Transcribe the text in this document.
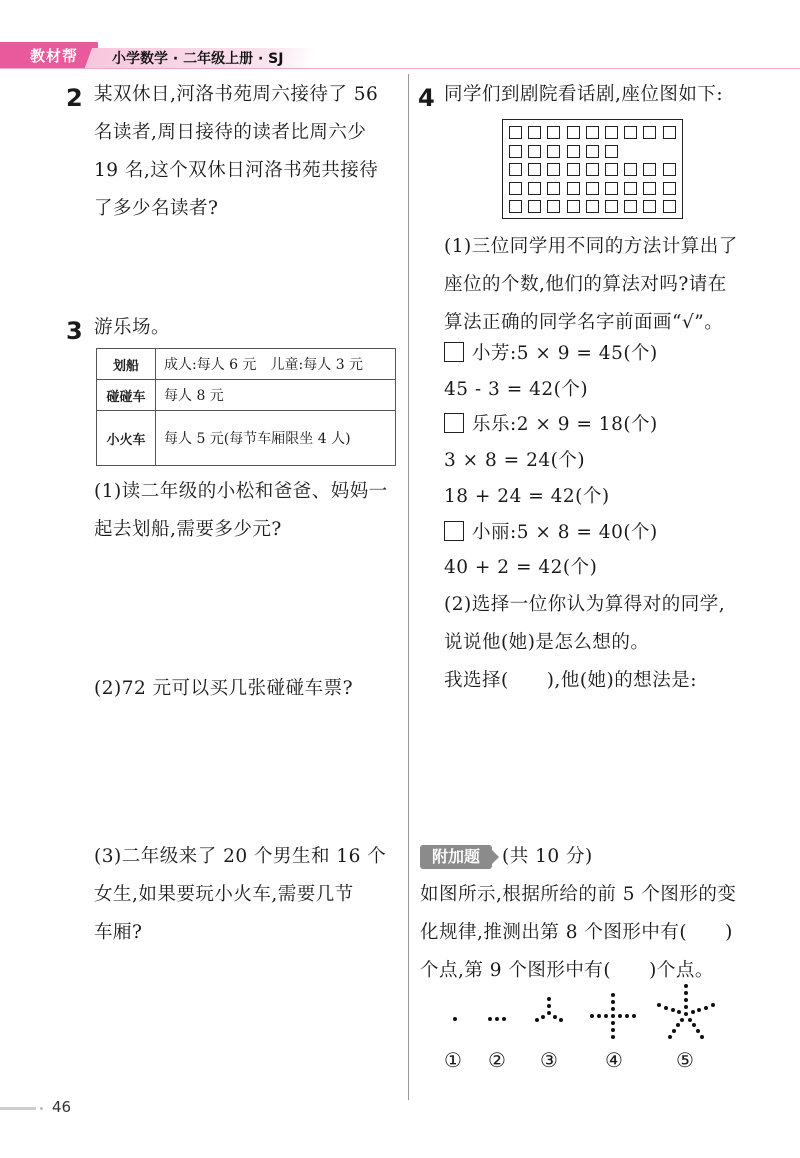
教材帮 小学数学 · 二年级上册 · SJ
2 某双休日,河洛书苑周六接待了 56
名读者,周日接待的读者比周六少
19 名,这个双休日河洛书苑共接待
了多少名读者?
3 游乐场。
划船	成人:每人 6 元　儿童:每人 3 元
碰碰车	每人 8 元
小火车	每人 5 元(每节车厢限坐 4 人)
(1)读二年级的小松和爸爸、妈妈一
起去划船,需要多少元?
(2)72 元可以买几张碰碰车票?
(3)二年级来了 20 个男生和 16 个
女生,如果要玩小火车,需要几节
车厢?
4 同学们到剧院看话剧,座位图如下:
(1)三位同学用不同的方法计算出了
座位的个数,他们的算法对吗?请在
算法正确的同学名字前面画“√”。
小芳:5 × 9 = 45(个)
45 - 3 = 42(个)
乐乐:2 × 9 = 18(个)
3 × 8 = 24(个)
18 + 24 = 42(个)
小丽:5 × 8 = 40(个)
40 + 2 = 42(个)
(2)选择一位你认为算得对的同学,
说说他(她)是怎么想的。
我选择(　　),他(她)的想法是:
附加题	(共 10 分)
如图所示,根据所给的前 5 个图形的变
化规律,推测出第 8 个图形中有(　　)
个点,第 9 个图形中有(　　)个点。
① ② ③ ④	⑤
46
